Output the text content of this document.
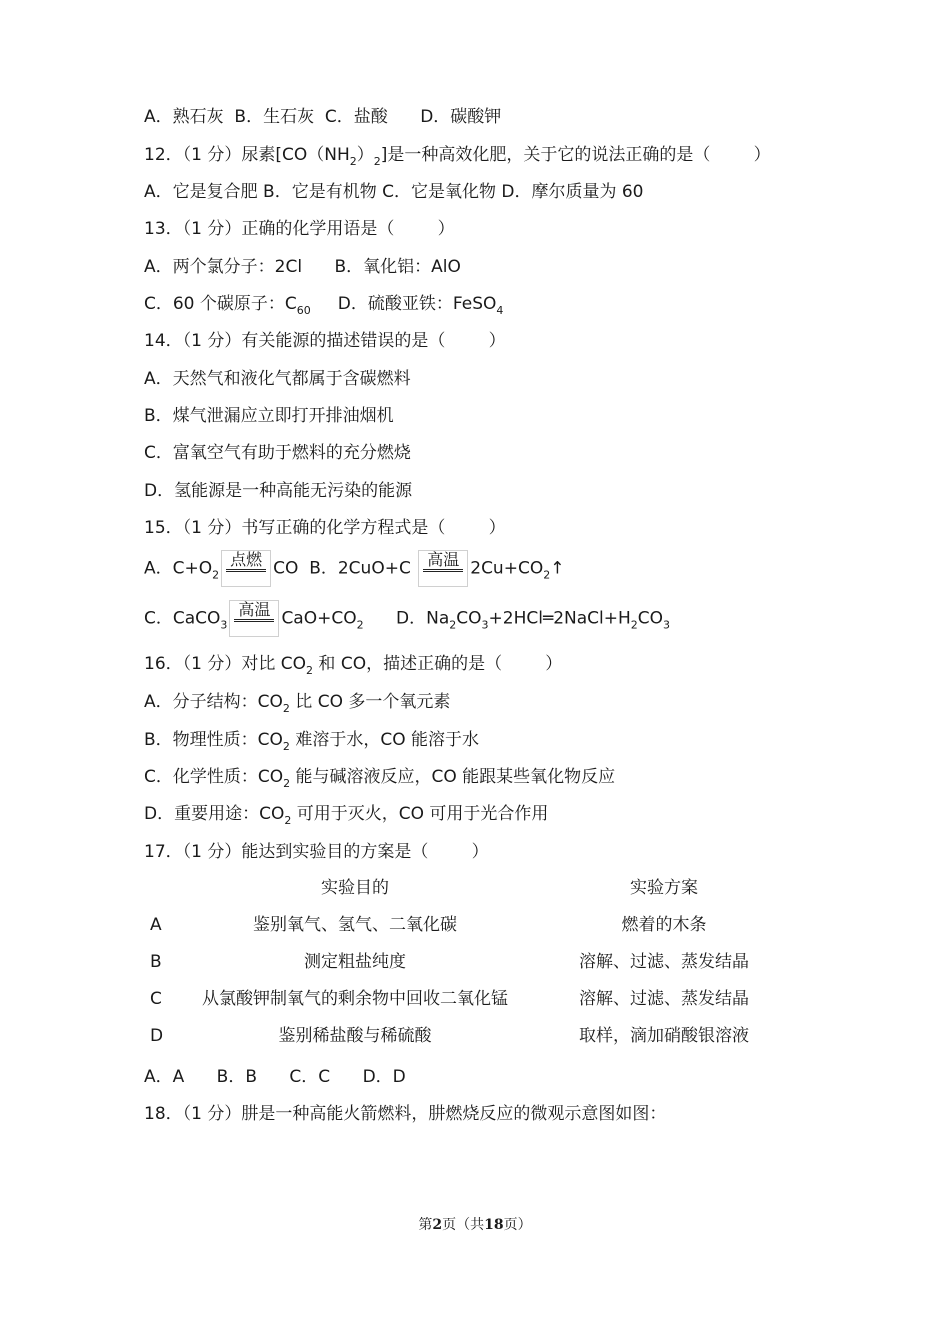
A．熟石灰  B．生石灰  C．盐酸      D．碳酸钾
12．（1 分）尿素$[CO(NH_2)_2]$是一种高效化肥，关于它的说法正确的是（        ）
A．它是复合肥 B．它是有机物 C．它是氧化物 D．摩尔质量为 60
13．（1 分）正确的化学用语是（        ）
A．两个氯分子：2Cl      B．氧化铝：AlO
C．60 个碳原子：$C_{60}$     D．硫酸亚铁：FeSO$_4$
14．（1 分）有关能源的描述错误的是（        ）
A．天然气和液化气都属于含碳燃料
B．煤气泄漏应立即打开排油烟机
C．富氧空气有助于燃料的充分燃烧
D．氢能源是一种高能无污染的能源
15．（1 分）书写正确的化学方程式是（        ）
A．$C+O_2$
点燃 CO  B．2CuO+C 高温 $2Cu+CO_2↑$
C．CaCO$_3$
高温 $CaO+CO_2$      D．$Na_2CO_3+2HCl═2NaCl+H_2CO_3$
16．（1 分）对比 $CO_2$ 和 CO，描述正确的是（        ）
A．分子结构：$CO_2$ 比 CO 多一个氧元素
B．物理性质：$CO_2$ 难溶于水，CO 能溶于水
C．化学性质：$CO_2$ 能与碱溶液反应，CO 能跟某些氧化物反应
D．重要用途：$CO_2$ 可用于灭火，CO 可用于光合作用
17．（1 分）能达到实验目的方案是（        ）
实验目的	实验方案
A	鉴别氧气、氢气、二氧化碳	燃着的木条
B	测定粗盐纯度	溶解、过滤、蒸发结晶
C	从氯酸钾制氧气的剩余物中回收二氧化锰	溶解、过滤、蒸发结晶
D	鉴别稀盐酸与稀硫酸	取样，滴加硝酸银溶液
A．A      B．B      C．C      D．D
18．（1 分）肼是一种高能火箭燃料，肼燃烧反应的微观示意图如图：
第2页（共18页）
